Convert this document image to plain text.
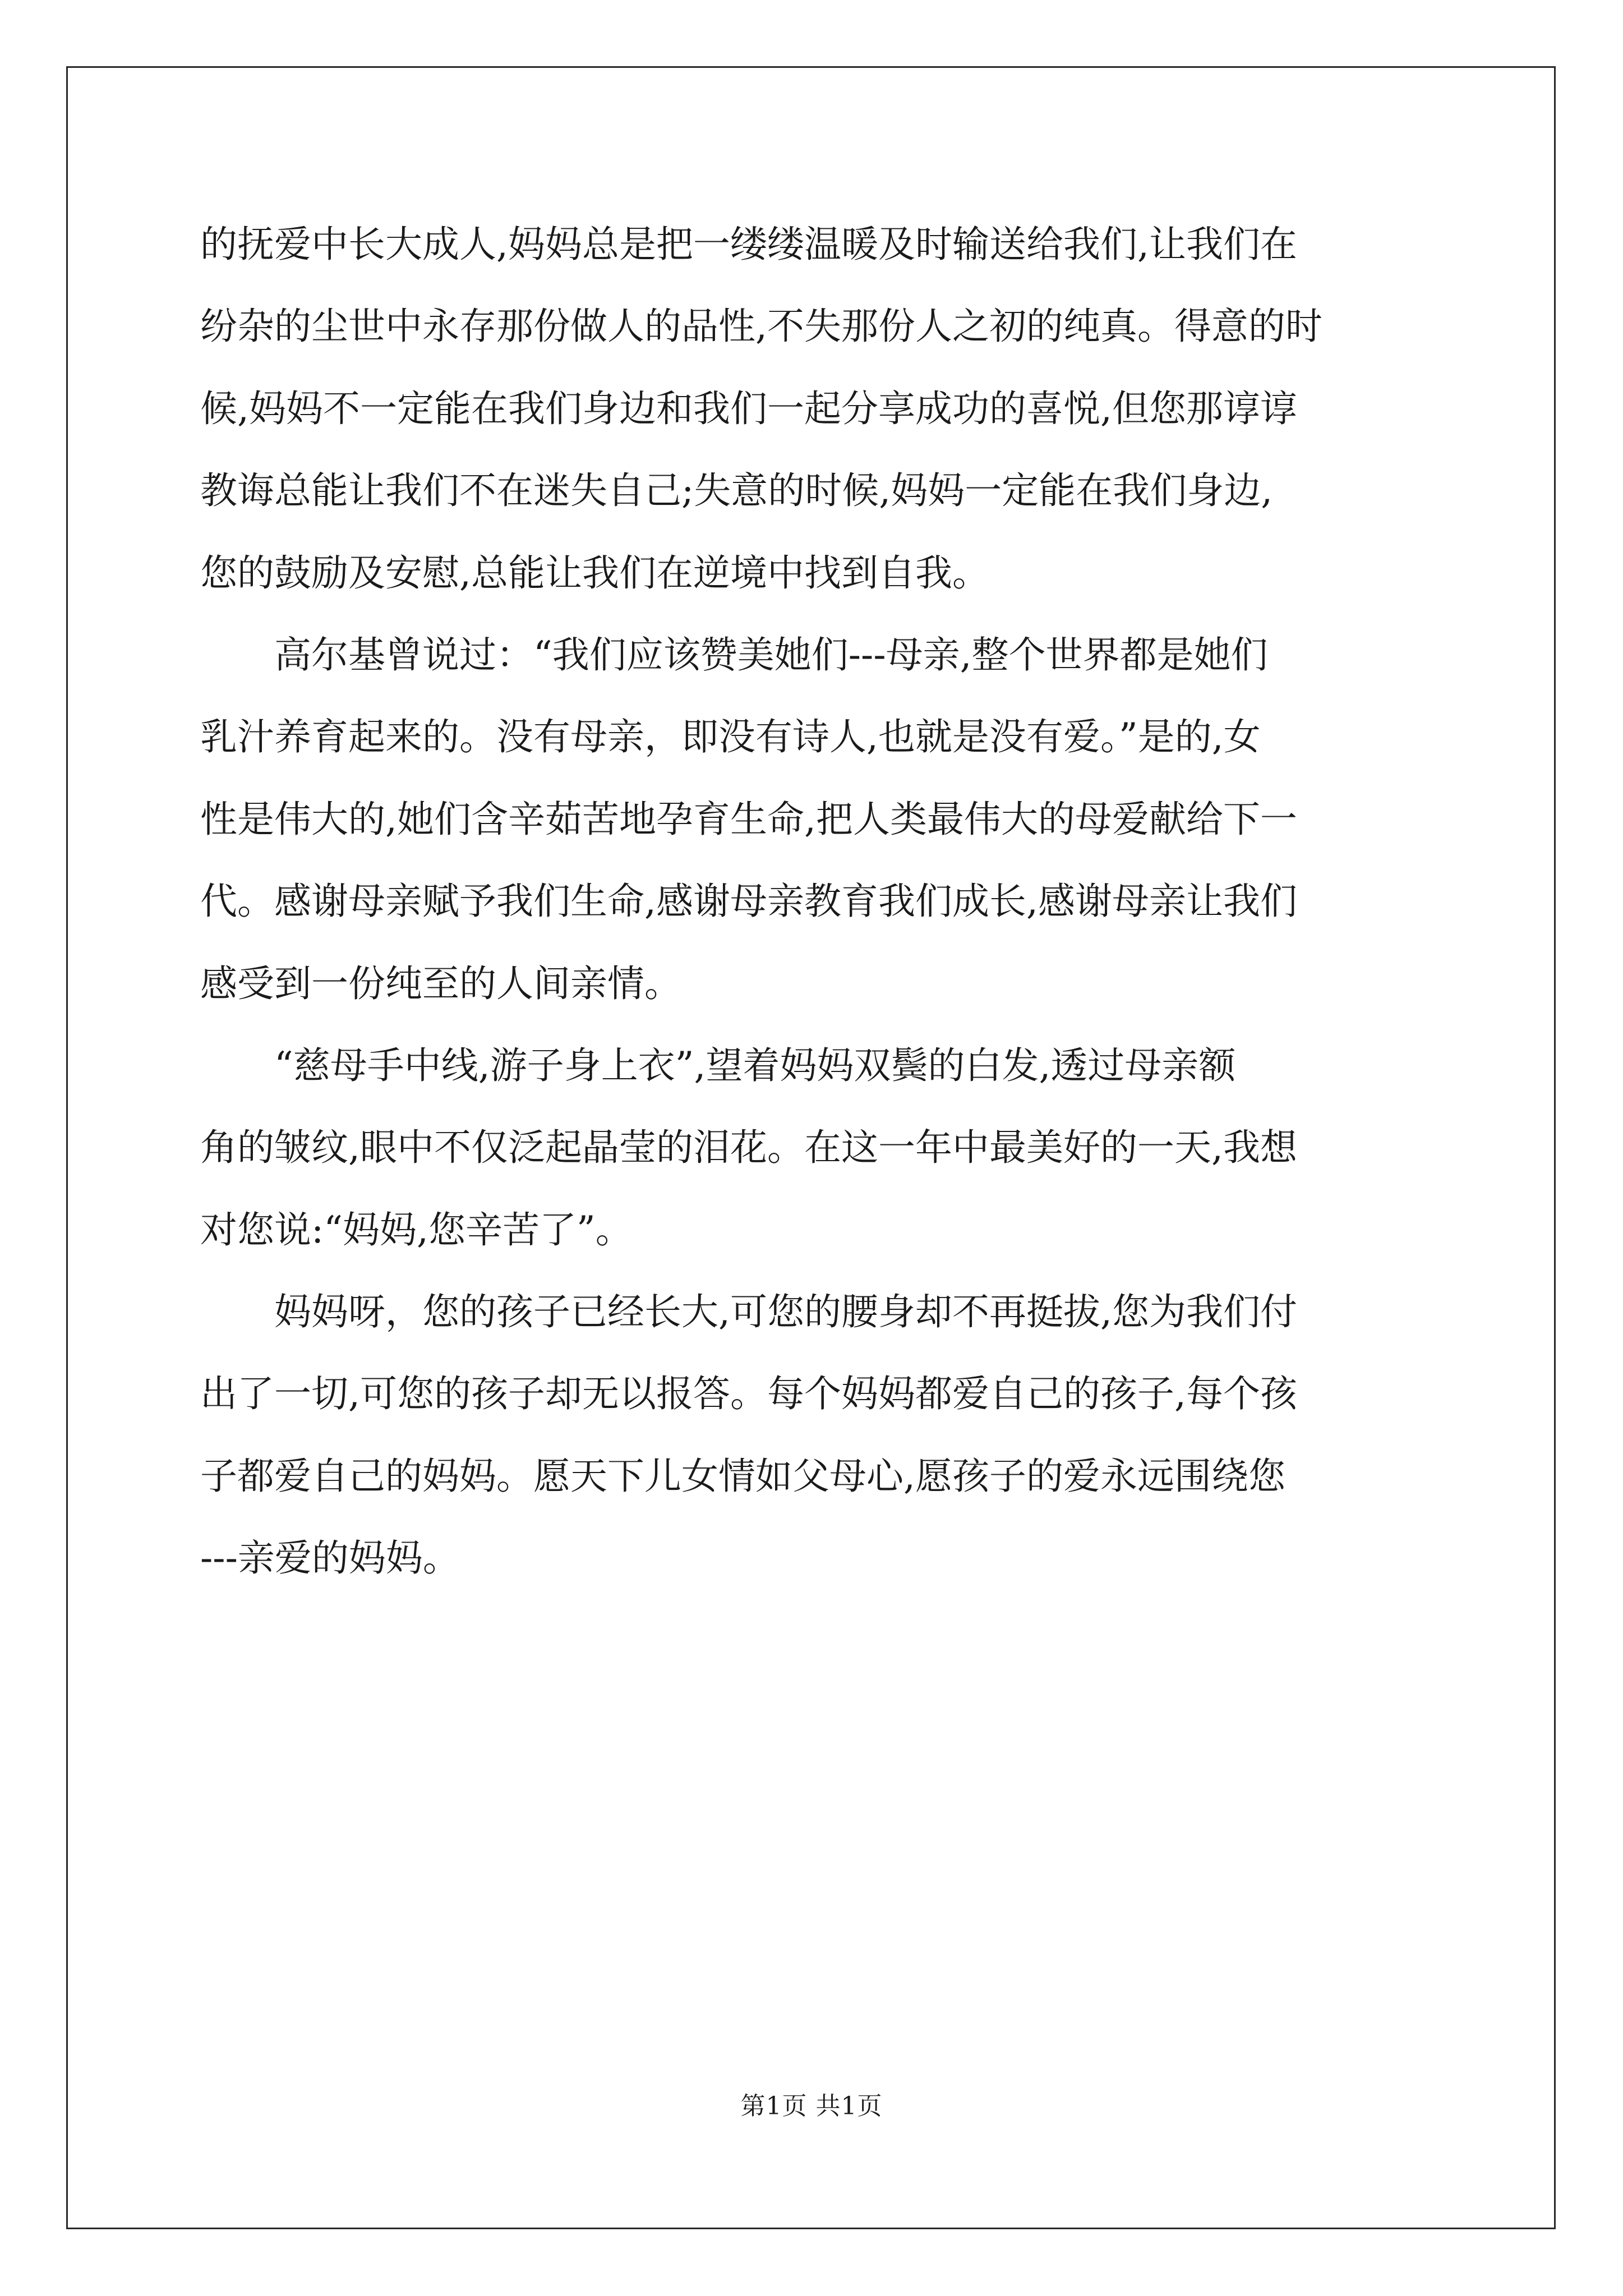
的抚爱中长大成人,妈妈总是把一缕缕温暖及时输送给我们,让我们在
纷杂的尘世中永存那份做人的品性,不失那份人之初的纯真。得意的时
候,妈妈不一定能在我们身边和我们一起分享成功的喜悦,但您那谆谆
教诲总能让我们不在迷失自己;失意的时候,妈妈一定能在我们身边,
您的鼓励及安慰,总能让我们在逆境中找到自我。
高尔基曾说过：“我们应该赞美她们---母亲,整个世界都是她们
乳汁养育起来的。没有母亲，即没有诗人,也就是没有爱。”是的,女
性是伟大的,她们含辛茹苦地孕育生命,把人类最伟大的母爱献给下一
代。感谢母亲赋予我们生命,感谢母亲教育我们成长,感谢母亲让我们
感受到一份纯至的人间亲情。
“慈母手中线,游子身上衣”,望着妈妈双鬓的白发,透过母亲额
角的皱纹,眼中不仅泛起晶莹的泪花。在这一年中最美好的一天,我想
对您说:“妈妈,您辛苦了”。
妈妈呀，您的孩子已经长大,可您的腰身却不再挺拔,您为我们付
出了一切,可您的孩子却无以报答。每个妈妈都爱自己的孩子,每个孩
子都爱自己的妈妈。愿天下儿女情如父母心,愿孩子的爱永远围绕您
---亲爱的妈妈。
第1页 共1页
